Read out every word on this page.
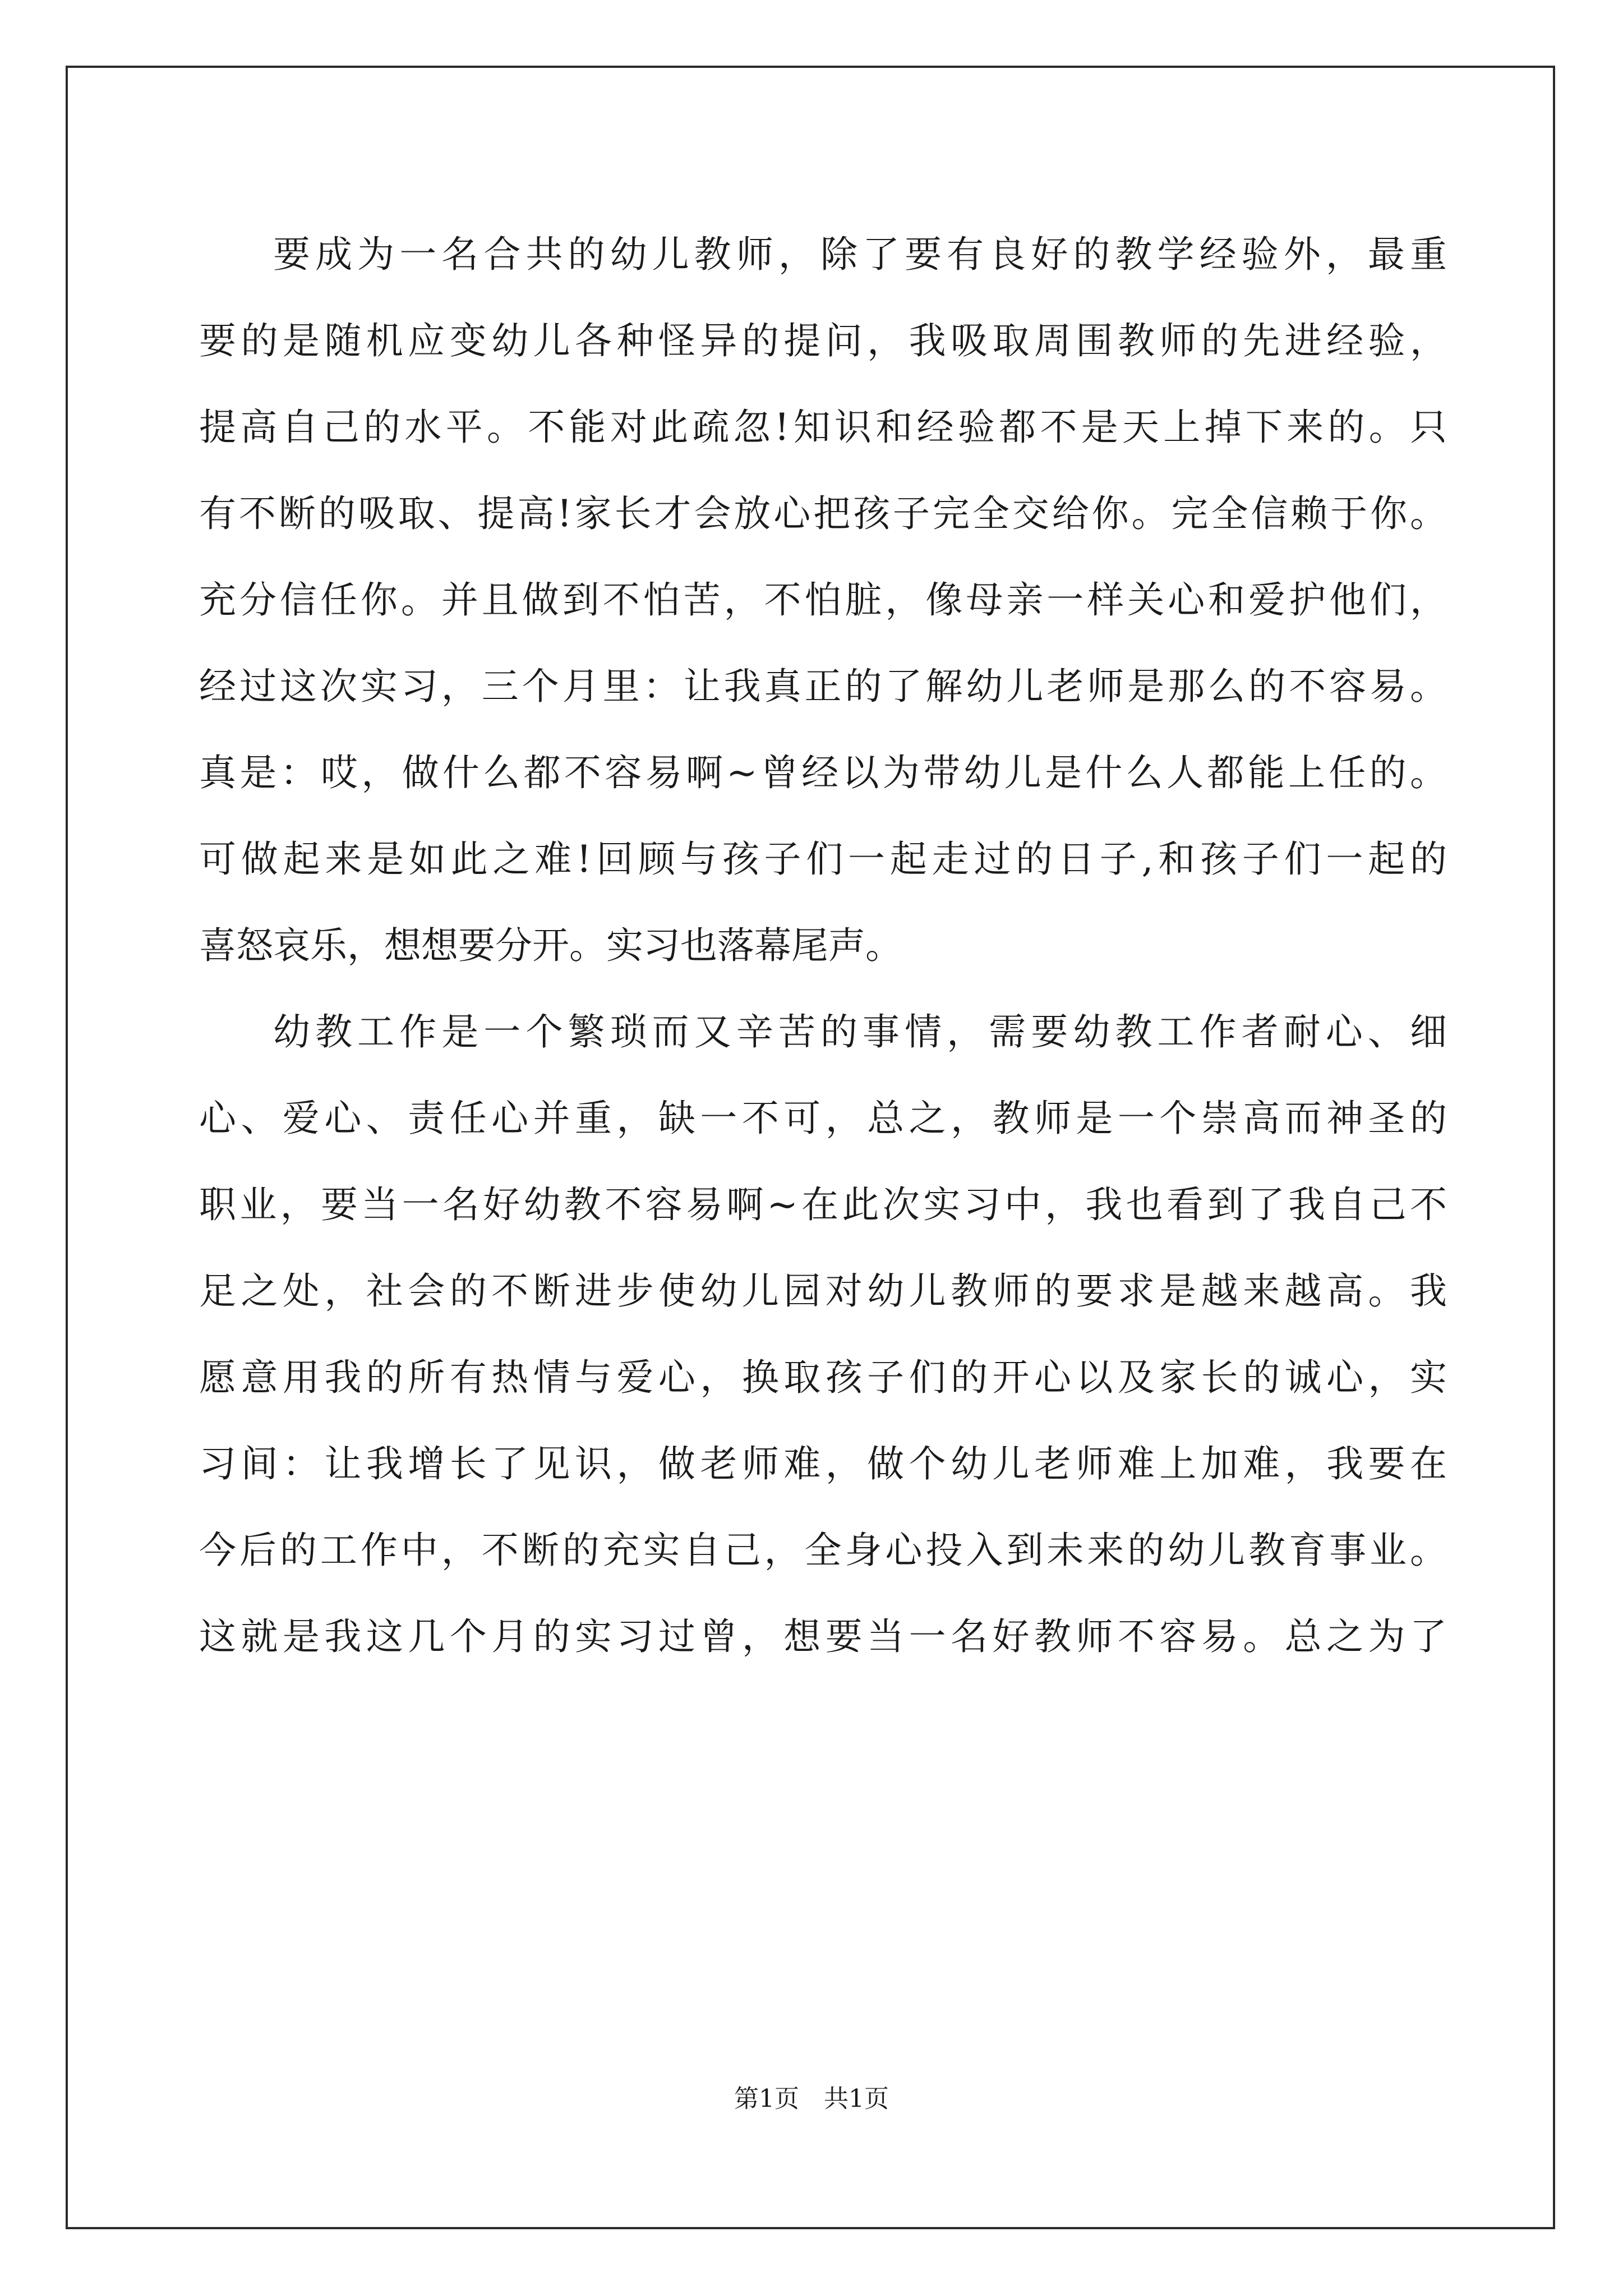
要成为一名合共的幼儿教师，除了要有良好的教学经验外，最重
要的是随机应变幼儿各种怪异的提问，我吸取周围教师的先进经验，
提高自己的水平。不能对此疏忽!知识和经验都不是天上掉下来的。只
有不断的吸取、提高!家长才会放心把孩子完全交给你。完全信赖于你。
充分信任你。并且做到不怕苦，不怕脏，像母亲一样关心和爱护他们，
经过这次实习，三个月里：让我真正的了解幼儿老师是那么的不容易。
真是：哎，做什么都不容易啊~曾经以为带幼儿是什么人都能上任的。
可做起来是如此之难!回顾与孩子们一起走过的日子,和孩子们一起的
喜怒哀乐，想想要分开。实习也落幕尾声。
幼教工作是一个繁琐而又辛苦的事情，需要幼教工作者耐心、细
心、爱心、责任心并重，缺一不可，总之，教师是一个崇高而神圣的
职业，要当一名好幼教不容易啊~在此次实习中，我也看到了我自己不
足之处，社会的不断进步使幼儿园对幼儿教师的要求是越来越高。我
愿意用我的所有热情与爱心，换取孩子们的开心以及家长的诚心，实
习间：让我增长了见识，做老师难，做个幼儿老师难上加难，我要在
今后的工作中，不断的充实自己，全身心投入到未来的幼儿教育事业。
这就是我这几个月的实习过曾，想要当一名好教师不容易。总之为了
第1页　共1页
